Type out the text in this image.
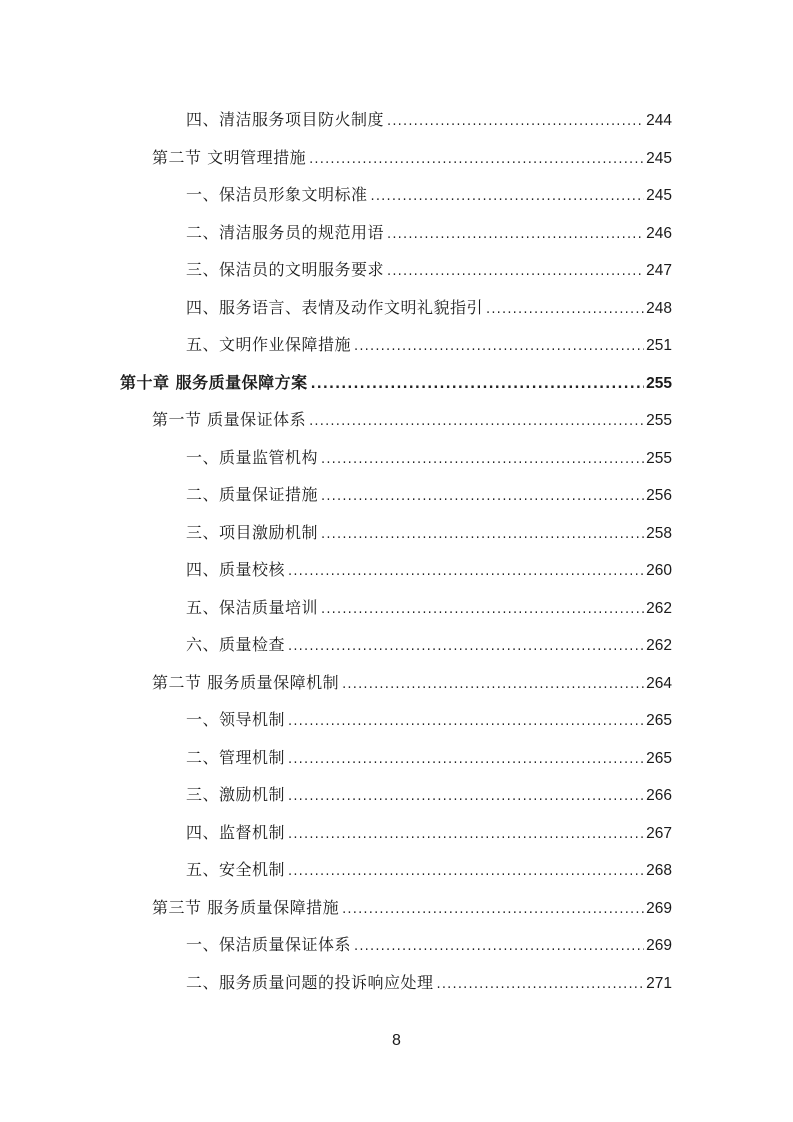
四、清洁服务项目防火制度 .....	244
第二节 文明管理措施 .....	245
一、保洁员形象文明标准 .....	245
二、清洁服务员的规范用语 .....	246
三、保洁员的文明服务要求 .....	247
四、服务语言、表情及动作文明礼貌指引 .....	248
五、文明作业保障措施 .....	251
第十章 服务质量保障方案 .....	255
第一节 质量保证体系 .....	255
一、质量监管机构 .....	255
二、质量保证措施 .....	256
三、项目激励机制 .....	258
四、质量校核 .....	260
五、保洁质量培训 .....	262
六、质量检查 .....	262
第二节 服务质量保障机制 .....	264
一、领导机制 .....	265
二、管理机制 .....	265
三、激励机制 .....	266
四、监督机制 .....	267
五、安全机制 .....	268
第三节 服务质量保障措施 .....	269
一、保洁质量保证体系 .....	269
二、服务质量问题的投诉响应处理 .....	271
8
